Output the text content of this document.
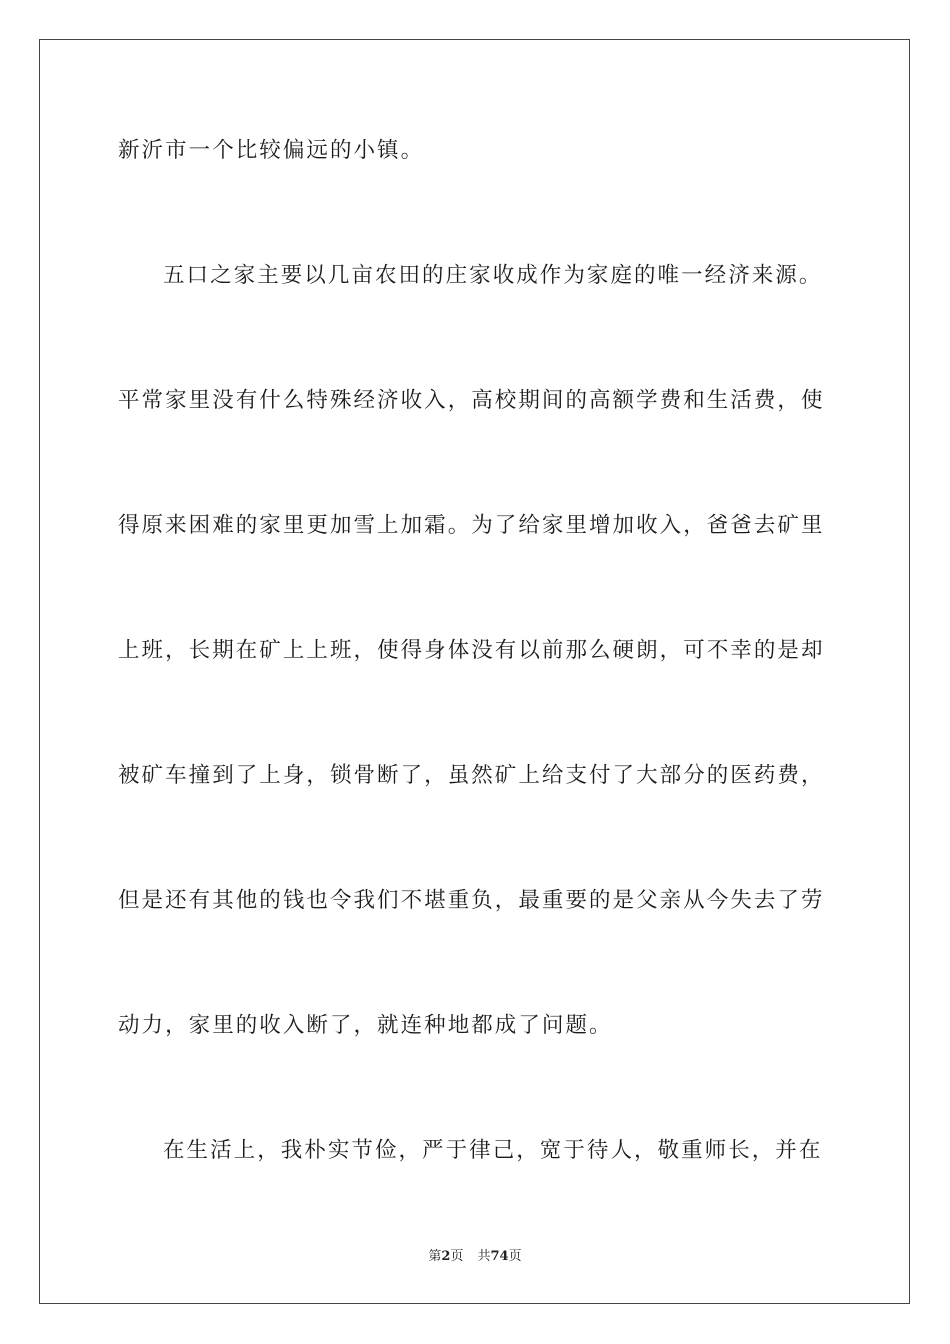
新沂市一个比较偏远的小镇。
五口之家主要以几亩农田的庄家收成作为家庭的唯一经济来源。
平常家里没有什么特殊经济收入，高校期间的高额学费和生活费，使
得原来困难的家里更加雪上加霜。为了给家里增加收入，爸爸去矿里
上班，长期在矿上上班，使得身体没有以前那么硬朗，可不幸的是却
被矿车撞到了上身，锁骨断了，虽然矿上给支付了大部分的医药费，
但是还有其他的钱也令我们不堪重负，最重要的是父亲从今失去了劳
动力，家里的收入断了，就连种地都成了问题。
在生活上，我朴实节俭，严于律己，宽于待人，敬重师长，并在
第2页 共74页
